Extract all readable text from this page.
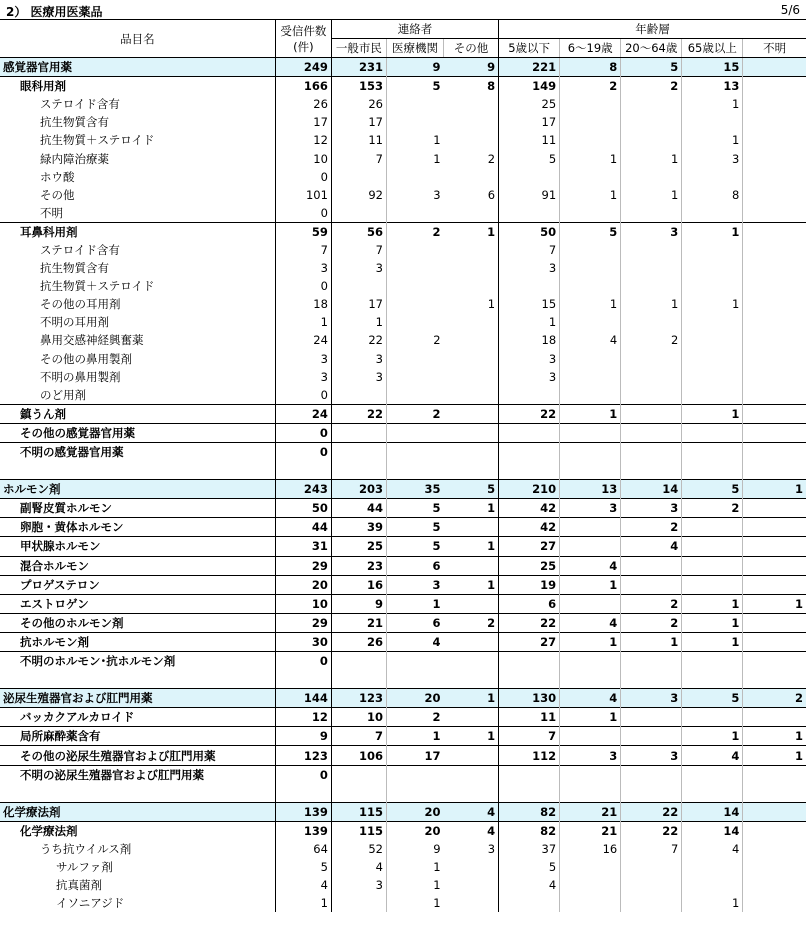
2） 医療用医薬品	5/6
品目名	受信件数
(件)	連絡者			年齢層				
		一般市民	医療機関	その他	5歳以下	6～19歳	20～64歳	65歳以上	不明
感覚器官用薬	249	231	9	9	221	8	5	15	
眼科用剤	166	153	5	8	149	2	2	13	
ステロイド含有	26	26			25			1	
抗生物質含有	17	17			17				
抗生物質＋ステロイド	12	11	1		11			1	
緑内障治療薬	10	7	1	2	5	1	1	3	
ホウ酸	0								
その他	101	92	3	6	91	1	1	8	
不明	0								
耳鼻科用剤	59	56	2	1	50	5	3	1	
ステロイド含有	7	7			7				
抗生物質含有	3	3			3				
抗生物質＋ステロイド	0								
その他の耳用剤	18	17		1	15	1	1	1	
不明の耳用剤	1	1			1				
鼻用交感神経興奮薬	24	22	2		18	4	2		
その他の鼻用製剤	3	3			3				
不明の鼻用製剤	3	3			3				
のど用剤	0								
鎮うん剤	24	22	2		22	1		1	
その他の感覚器官用薬	0								
不明の感覚器官用薬	0								

ホルモン剤	243	203	35	5	210	13	14	5	1
副腎皮質ホルモン	50	44	5	1	42	3	3	2	
卵胞・黄体ホルモン	44	39	5		42		2		
甲状腺ホルモン	31	25	5	1	27		4		
混合ホルモン	29	23	6		25	4			
プロゲステロン	20	16	3	1	19	1			
エストロゲン	10	9	1		6		2	1	1
その他のホルモン剤	29	21	6	2	22	4	2	1	
抗ホルモン剤	30	26	4		27	1	1	1	
不明のホルモン･抗ホルモン剤	0								

泌尿生殖器官および肛門用薬	144	123	20	1	130	4	3	5	2
バッカクアルカロイド	12	10	2		11	1			
局所麻酔薬含有	9	7	1	1	7			1	1
その他の泌尿生殖器官および肛門用薬	123	106	17		112	3	3	4	1
不明の泌尿生殖器官および肛門用薬	0								

化学療法剤	139	115	20	4	82	21	22	14	
化学療法剤	139	115	20	4	82	21	22	14	
うち抗ウイルス剤	64	52	9	3	37	16	7	4	
サルファ剤	5	4	1		5				
抗真菌剤	4	3	1		4				
イソニアジド	1		1					1	
